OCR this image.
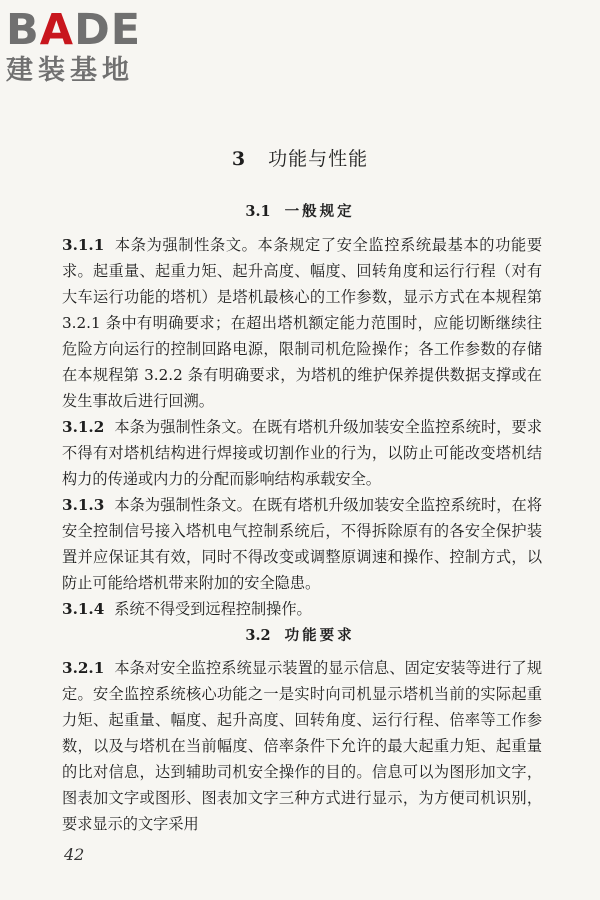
B A DE
建装基地
3 功能与性能
3.1 一般规定

3.1.1 本条为强制性条文。本条规定了安全监控系统最基本的功能要求。起重量、起重力矩、起升高度、幅度、回转角度和运行行程（对有大车运行功能的塔机）是塔机最核心的工作参数，显示方式在本规程第 3.2.1 条中有明确要求；在超出塔机额定能力范围时，应能切断继续往危险方向运行的控制回路电源，限制司机危险操作；各工作参数的存储在本规程第 3.2.2 条有明确要求，为塔机的维护保养提供数据支撑或在发生事故后进行回溯。

3.1.2 本条为强制性条文。在既有塔机升级加装安全监控系统时，要求不得有对塔机结构进行焊接或切割作业的行为，以防止可能改变塔机结构力的传递或内力的分配而影响结构承载安全。

3.1.3 本条为强制性条文。在既有塔机升级加装安全监控系统时，在将安全控制信号接入塔机电气控制系统后，不得拆除原有的各安全保护装置并应保证其有效，同时不得改变或调整原调速和操作、控制方式，以防止可能给塔机带来附加的安全隐患。

3.1.4 系统不得受到远程控制操作。

3.2 功能要求

3.2.1 本条对安全监控系统显示装置的显示信息、固定安装等进行了规定。安全监控系统核心功能之一是实时向司机显示塔机当前的实际起重力矩、起重量、幅度、起升高度、回转角度、运行行程、倍率等工作参数，以及与塔机在当前幅度、倍率条件下允许的最大起重力矩、起重量的比对信息，达到辅助司机安全操作的目的。信息可以为图形加文字，图表加文字或图形、图表加文字三种方式进行显示，为方便司机识别，要求显示的文字采用

42
